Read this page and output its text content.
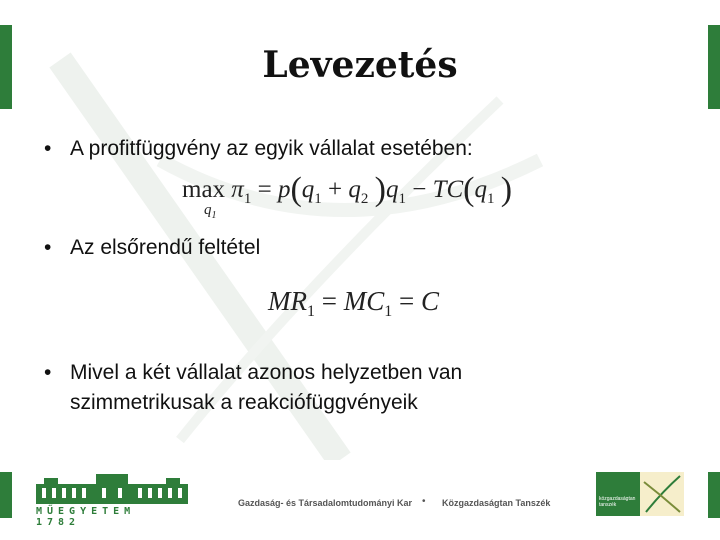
Levezetés
• A profitfüggvény az egyik vállalat esetében:
$\max \pi_1 = p(q_1 + q_2$ )$q_1 - TC(q_1$ )
$q_1$
• Az elsőrendű feltétel
$MR_1 = MC_1 = C$
• Mivel a két vállalat azonos helyzetben van szimmetrikusak a reakciófüggvényeik
MŰEGYETEM 1782
Gazdaság- és Társadalomtudományi Kar • Közgazdaságtan Tanszék	közgazdaságtan tanszék
